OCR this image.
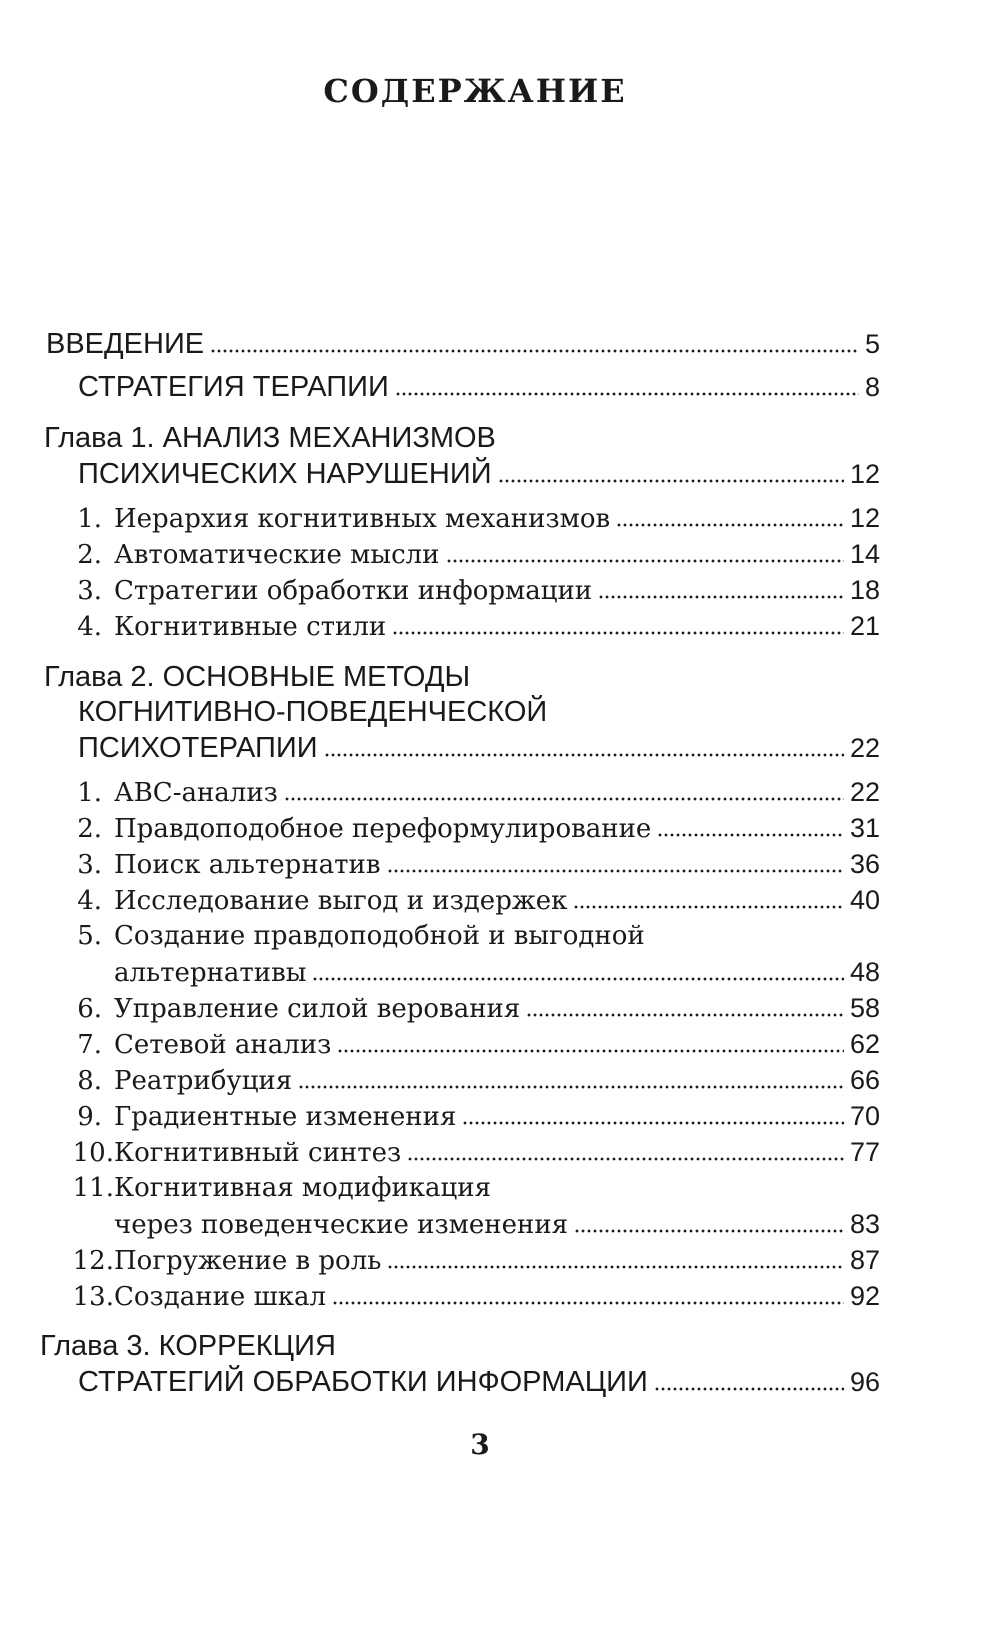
СОДЕРЖАНИЕ
ВВЕДЕНИЕ	5
СТРАТЕГИЯ ТЕРАПИИ	8
Глава 1. АНАЛИЗ МЕХАНИЗМОВ
ПСИХИЧЕСКИХ НАРУШЕНИЙ	12
1. Иерархия когнитивных механизмов	12
2. Автоматические мысли	14
3. Стратегии обработки информации	18
4. Когнитивные стили	21
Глава 2. ОСНОВНЫЕ МЕТОДЫ
КОГНИТИВНО-ПОВЕДЕНЧЕСКОЙ
ПСИХОТЕРАПИИ	22
1. АВС-анализ	22
2. Правдоподобное переформулирование	31
3. Поиск альтернатив	36
4. Исследование выгод и издержек	40
5. Создание правдоподобной и выгодной
альтернативы	48
6. Управление силой верования	58
7. Сетевой анализ	62
8. Реатрибуция	66
9. Градиентные изменения	70
10. Когнитивный синтез	77
11. Когнитивная модификация
через поведенческие изменения	83
12. Погружение в роль	87
13. Создание шкал	92
Глава 3. КОРРЕКЦИЯ
СТРАТЕГИЙ ОБРАБОТКИ ИНФОРМАЦИИ	96
3
